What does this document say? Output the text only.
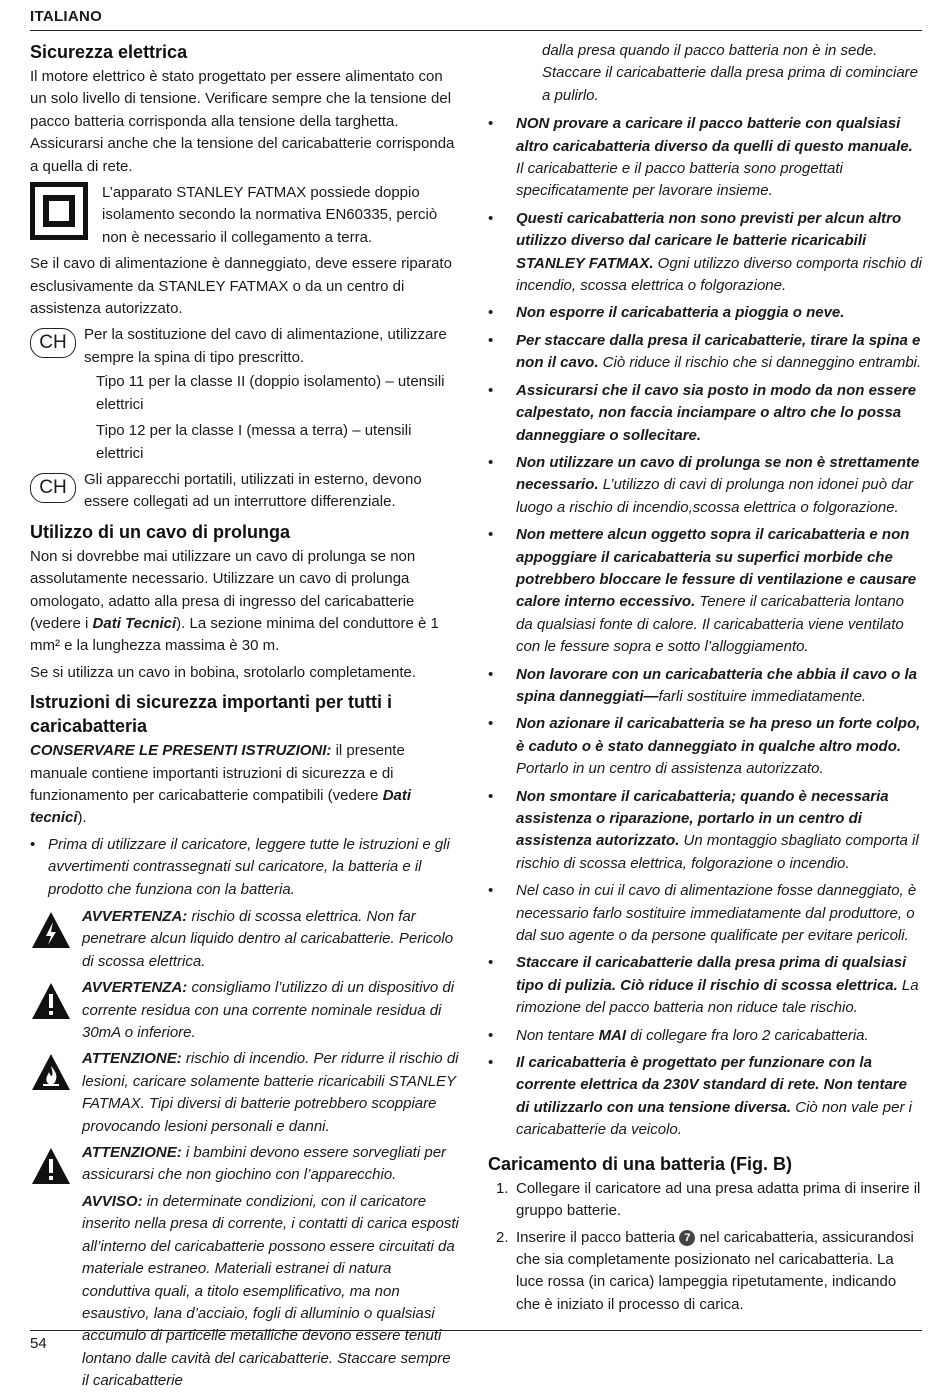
ITALIANO
Sicurezza elettrica

Il motore elettrico è stato progettato per essere alimentato con un solo livello di tensione. Verificare sempre che la tensione del pacco batteria corrisponda alla tensione della targhetta. Assicurarsi anche che la tensione del caricabatterie corrisponda a quella di rete.

L’apparato STANLEY FATMAX possiede doppio isolamento secondo la normativa EN60335, perciò non è necessario il collegamento a terra.

Se il cavo di alimentazione è danneggiato, deve essere riparato esclusivamente da STANLEY FATMAX o da un centro di assistenza autorizzato.

CH	Per la sostituzione del cavo di alimentazione, utilizzare sempre la spina di tipo prescritto.
Tipo 11 per la classe II (doppio isolamento) – utensili elettrici
Tipo 12 per la classe I (messa a terra) – utensili elettrici
CH	Gli apparecchi portatili, utilizzati in esterno, devono essere collegati ad un interruttore differenziale.
Utilizzo di un cavo di prolunga

Non si dovrebbe mai utilizzare un cavo di prolunga se non assolutamente necessario. Utilizzare un cavo di prolunga omologato, adatto alla presa di ingresso del caricabatterie (vedere i Dati Tecnici). La sezione minima del conduttore è 1 mm² e la lunghezza massima è 30 m.

Se si utilizza un cavo in bobina, srotolarlo completamente.

Istruzioni di sicurezza importanti per tutti i caricabatteria

CONSERVARE LE PRESENTI ISTRUZIONI: il presente manuale contiene importanti istruzioni di sicurezza e di funzionamento per caricabatterie compatibili (vedere Dati tecnici).

• Prima di utilizzare il caricatore, leggere tutte le istruzioni e gli avvertimenti contrassegnati sul caricatore, la batteria e il prodotto che funziona con la batteria.
AVVERTENZA: rischio di scossa elettrica. Non far penetrare alcun liquido dentro al caricabatterie. Pericolo di scossa elettrica.
AVVERTENZA: consigliamo l’utilizzo di un dispositivo di corrente residua con una corrente nominale residua di 30mA o inferiore.
ATTENZIONE: rischio di incendio. Per ridurre il rischio di lesioni, caricare solamente batterie ricaricabili STANLEY FATMAX. Tipi diversi di batterie potrebbero scoppiare provocando lesioni personali e danni.
ATTENZIONE: i bambini devono essere sorvegliati per assicurarsi che non giochino con l’apparecchio.
AVVISO: in determinate condizioni, con il caricatore inserito nella presa di corrente, i contatti di carica esposti all’interno del caricabatterie possono essere circuitati da materiale estraneo. Materiali estranei di natura conduttiva quali, a titolo esemplificativo, ma non esaustivo, lana d’acciaio, fogli di alluminio o qualsiasi accumulo di particelle metalliche devono essere tenuti lontano dalle cavità del caricabatterie. Staccare sempre il caricabatterie

dalla presa quando il pacco batteria non è in sede. Staccare il caricabatterie dalla presa prima di cominciare a pulirlo.

• NON provare a caricare il pacco batterie con qualsiasi altro caricabatteria diverso da quelli di questo manuale. Il caricabatterie e il pacco batteria sono progettati specificatamente per lavorare insieme.
• Questi caricabatteria non sono previsti per alcun altro utilizzo diverso dal caricare le batterie ricaricabili STANLEY FATMAX. Ogni utilizzo diverso comporta rischio di incendio, scossa elettrica o folgorazione.
• Non esporre il caricabatteria a pioggia o neve.
• Per staccare dalla presa il caricabatterie, tirare la spina e non il cavo. Ciò riduce il rischio che si danneggino entrambi.
• Assicurarsi che il cavo sia posto in modo da non essere calpestato, non faccia inciampare o altro che lo possa danneggiare o sollecitare.
• Non utilizzare un cavo di prolunga se non è strettamente necessario. L’utilizzo di cavi di prolunga non idonei può dar luogo a rischio di incendio,scossa elettrica o folgorazione.
• Non mettere alcun oggetto sopra il caricabatteria e non appoggiare il caricabatteria su superfici morbide che potrebbero bloccare le fessure di ventilazione e causare calore interno eccessivo. Tenere il caricabatteria lontano da qualsiasi fonte di calore. Il caricabatteria viene ventilato con le fessure sopra e sotto l’alloggiamento.
• Non lavorare con un caricabatteria che abbia il cavo o la spina danneggiati—farli sostituire immediatamente.
• Non azionare il caricabatteria se ha preso un forte colpo, è caduto o è stato danneggiato in qualche altro modo. Portarlo in un centro di assistenza autorizzato.
• Non smontare il caricabatteria; quando è necessaria assistenza o riparazione, portarlo in un centro di assistenza autorizzato. Un montaggio sbagliato comporta il rischio di scossa elettrica, folgorazione o incendio.
• Nel caso in cui il cavo di alimentazione fosse danneggiato, è necessario farlo sostituire immediatamente dal produttore, o dal suo agente o da persone qualificate per evitare pericoli.
• Staccare il caricabatterie dalla presa prima di qualsiasi tipo di pulizia. Ciò riduce il rischio di scossa elettrica. La rimozione del pacco batteria non riduce tale rischio.
• Non tentare MAI di collegare fra loro 2 caricabatteria.
• Il caricabatteria è progettato per funzionare con la corrente elettrica da 230V standard di rete. Non tentare di utilizzarlo con una tensione diversa. Ciò non vale per i caricabatterie da veicolo.
Caricamento di una batteria (Fig. B)
1. Collegare il caricatore ad una presa adatta prima di inserire il gruppo batterie.
2. Inserire il pacco batteria 7 nel caricabatteria, assicurandosi che sia completamente posizionato nel caricabatteria. La luce rossa (in carica) lampeggia ripetutamente, indicando che è iniziato il processo di carica.
54
